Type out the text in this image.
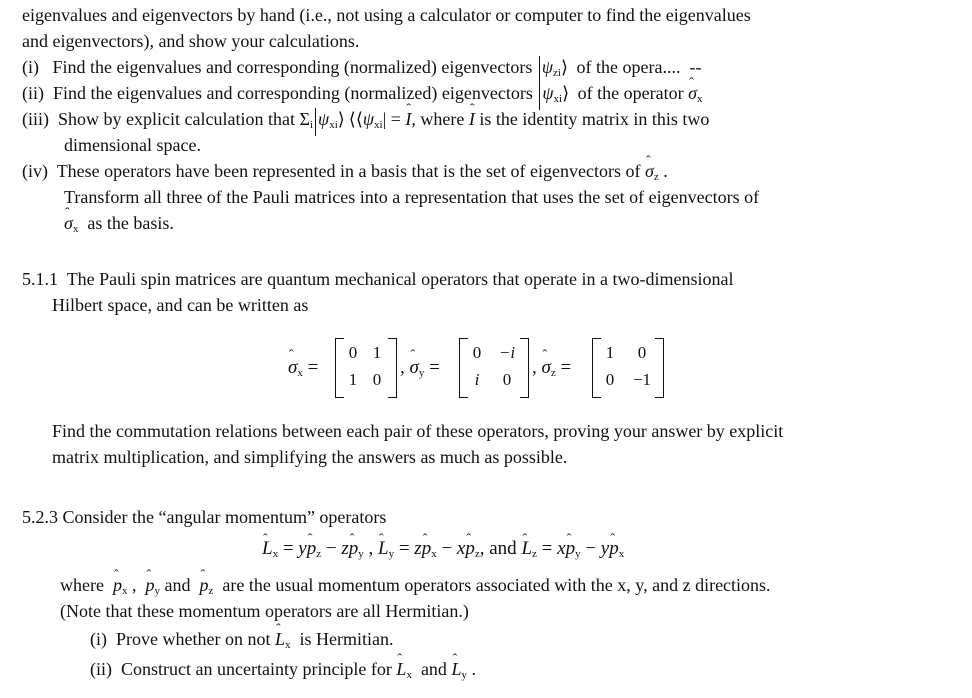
eigenvalues and eigenvectors by hand (i.e., not using a calculator or computer to find the eigenvalues
and eigenvectors), and show your calculations.
(i) Find the eigenvalues and corresponding (normalized) eigenvectors $\psi_{zi}$ ⟩ of the opera....  --
(ii) Find the eigenvalues and corresponding (normalized) eigenvectors $\psi_{xi}$ ⟩ of the operator σ ˆ$_x$
(iii) Show by explicit calculation that $\Sigma_i$ $\psi_{xi}$ ⟩⟨ $⟨\psi_{xi}| = I$ ˆ, where I ˆ is the identity matrix in this two
dimensional space.
(iv) These operators have been represented in a basis that is the set of eigenvectors of σ ˆ$_z$ .
Transform all three of the Pauli matrices into a representation that uses the set of eigenvectors of
σ ˆ$_x$ as the basis.
5.1.1 The Pauli spin matrices are quantum mechanical operators that operate in a two-dimensional
Hilbert space, and can be written as
σ ˆ$_x$ =
0 1
1 0
, σ ˆ$_y$ =
0	−i
i	0
, σ ˆ$_z$ =
1	0
0	−1
Find the commutation relations between each pair of these operators, proving your answer by explicit
matrix multiplication, and simplifying the answers as much as possible.
5.2.3 Consider the “angular momentum” operators
L ˆ$_x$ = yp ˆ$_z$ − zp ˆ$_y$ , L ˆ$_y$ = zp ˆ$_x$ − xp ˆ$_z$, and L ˆ$_z$ = xp ˆ$_y$ − yp ˆ$_x$
where  p ˆ$_x$ ,  p ˆ$_y$ and  p ˆ$_z$ are the usual momentum operators associated with the x, y, and z directions.
(Note that these momentum operators are all Hermitian.)
(i) Prove whether on not L ˆ$_x$ is Hermitian.
(ii) Construct an uncertainty principle for L ˆ$_x$ and L ˆ$_y$ .
